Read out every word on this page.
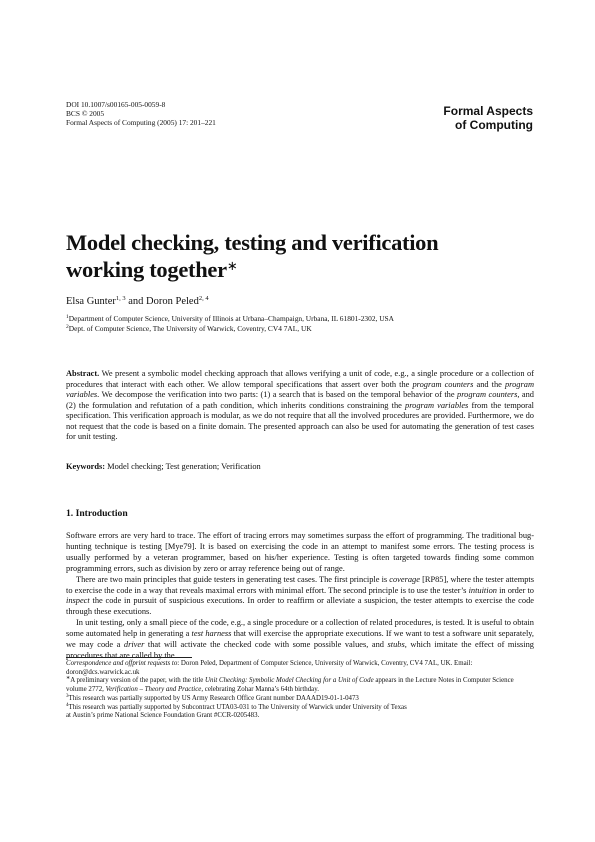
DOI 10.1007/s00165-005-0059-8
BCS © 2005
Formal Aspects of Computing (2005) 17: 201–221
Formal Aspects
of Computing
Model checking, testing and verification
working together∗
Elsa Gunter$^{1, 3}$ and Doron Peled$^{2, 4}$
$^1$Department of Computer Science, University of Illinois at Urbana–Champaign, Urbana, IL 61801-2302, USA
$^2$Dept. of Computer Science, The University of Warwick, Coventry, CV4 7AL, UK
Abstract. We present a symbolic model checking approach that allows verifying a unit of code, e.g., a single procedure or a collection of procedures that interact with each other. We allow temporal specifications that assert over both the program counters and the program variables. We decompose the verification into two parts: (1) a search that is based on the temporal behavior of the program counters, and (2) the formulation and refutation of a path condition, which inherits conditions constraining the program variables from the temporal specification. This verification approach is modular, as we do not require that all the involved procedures are provided. Furthermore, we do not request that the code is based on a finite domain. The presented approach can also be used for automating the generation of test cases for unit testing.
Keywords: Model checking; Test generation; Verification
1. Introduction

Software errors are very hard to trace. The effort of tracing errors may sometimes surpass the effort of programming. The traditional bug-hunting technique is testing [Mye79]. It is based on exercising the code in an attempt to manifest some errors. The testing process is usually performed by a veteran programmer, based on his/her experience. Testing is often targeted towards finding some common programming errors, such as division by zero or array reference being out of range.

There are two main principles that guide testers in generating test cases. The first principle is coverage [RP85], where the tester attempts to exercise the code in a way that reveals maximal errors with minimal effort. The second principle is to use the tester’s intuition in order to inspect the code in pursuit of suspicious executions. In order to reaffirm or alleviate a suspicion, the tester attempts to exercise the code through these executions.

In unit testing, only a small piece of the code, e.g., a single procedure or a collection of related procedures, is tested. It is useful to obtain some automated help in generating a test harness that will exercise the appropriate executions. If we want to test a software unit separately, we may code a driver that will activate the checked code with some possible values, and stubs, which imitate the effect of missing procedures that are called by the

Correspondence and offprint requests to: Doron Peled, Department of Computer Science, University of Warwick, Coventry, CV4 7AL, UK. Email: doron@dcs.warwick.ac.uk
∗A preliminary version of the paper, with the title Unit Checking: Symbolic Model Checking for a Unit of Code appears in the Lecture Notes in Computer Science volume 2772, Verification – Theory and Practice, celebrating Zohar Manna’s 64th birthday.
$^3$This research was partially supported by US Army Research Office Grant number DAAAD19-01-1-0473
$^4$This research was partially supported by Subcontract UTA03-031 to The University of Warwick under University of Texas
at Austin’s prime National Science Foundation Grant #CCR-0205483.
